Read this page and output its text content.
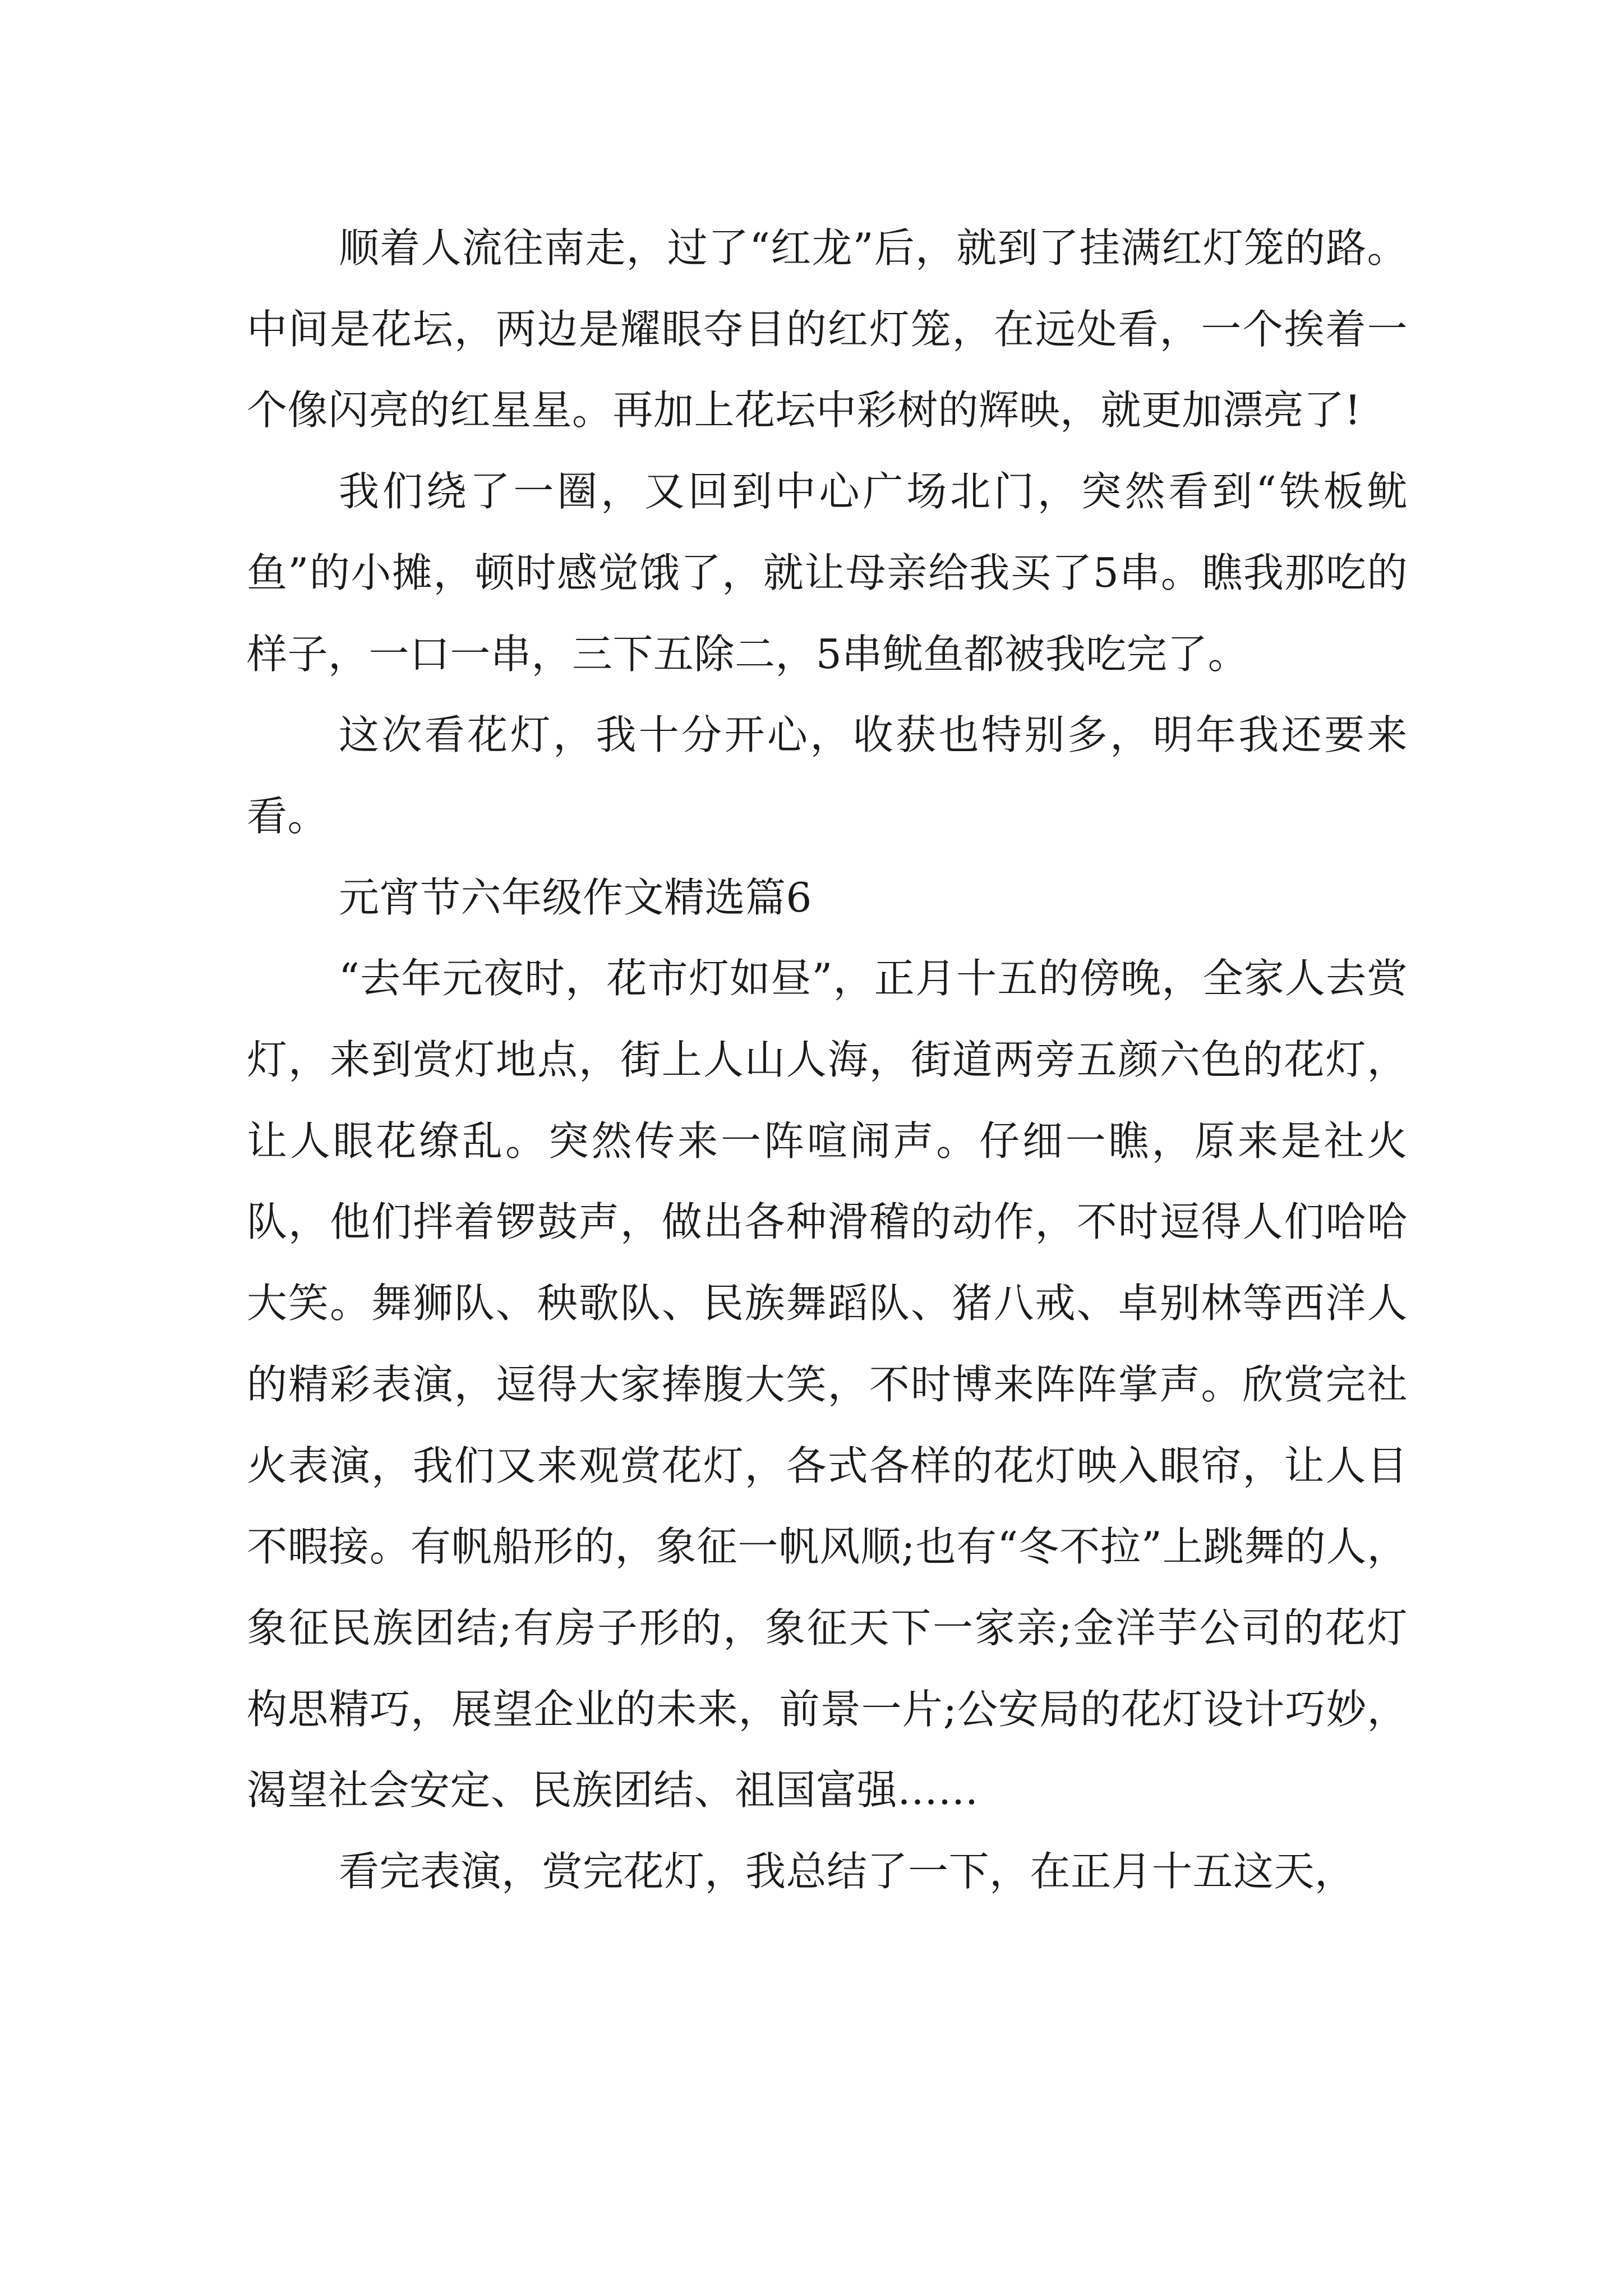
顺着人流往南走，过了“红龙”后，就到了挂满红灯笼的路。中间是花坛，两边是耀眼夺目的红灯笼，在远处看，一个挨着一个像闪亮的红星星。再加上花坛中彩树的辉映，就更加漂亮了!

我们绕了一圈，又回到中心广场北门，突然看到“铁板鱿鱼”的小摊，顿时感觉饿了，就让母亲给我买了5串。瞧我那吃的样子，一口一串，三下五除二，5串鱿鱼都被我吃完了。

这次看花灯，我十分开心，收获也特别多，明年我还要来看。

元宵节六年级作文精选篇6

“去年元夜时，花市灯如昼”，正月十五的傍晚，全家人去赏灯，来到赏灯地点，街上人山人海，街道两旁五颜六色的花灯，让人眼花缭乱。突然传来一阵喧闹声。仔细一瞧，原来是社火队，他们拌着锣鼓声，做出各种滑稽的动作，不时逗得人们哈哈大笑。舞狮队、秧歌队、民族舞蹈队、猪八戒、卓别林等西洋人的精彩表演，逗得大家捧腹大笑，不时博来阵阵掌声。欣赏完社火表演，我们又来观赏花灯，各式各样的花灯映入眼帘，让人目不暇接。有帆船形的，象征一帆风顺;也有“冬不拉”上跳舞的人，象征民族团结;有房子形的，象征天下一家亲;金洋芋公司的花灯构思精巧，展望企业的未来，前景一片;公安局的花灯设计巧妙，渴望社会安定、民族团结、祖国富强……

看完表演，赏完花灯，我总结了一下，在正月十五这天，
